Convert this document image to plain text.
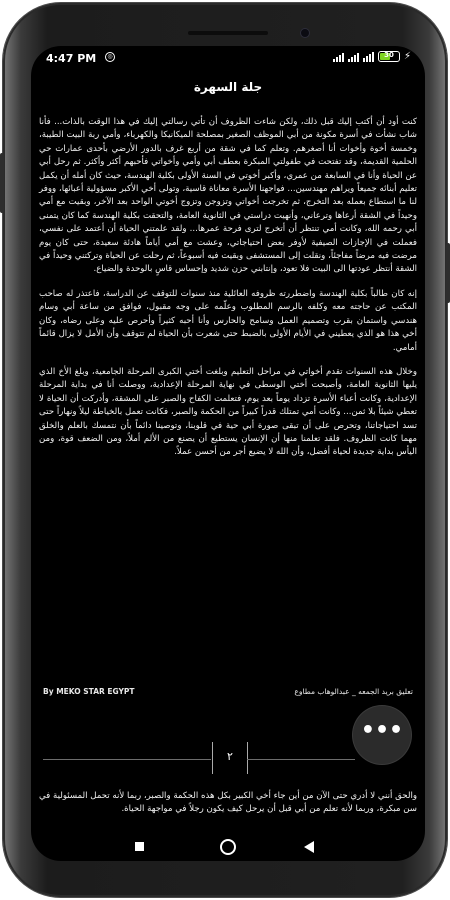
4:47 PM	◎	30	⚡
جلة السهرة

كنت أود أن أكتب إليك قبل ذلك، ولكن شاءت الظروف أن تأتي رسالتي إليك في هذا الوقت بالذات... فأنا شاب نشأت في أسرة مكونة من أبي الموظف الصغير بمصلحة الميكانيكا والكهرباء، وأمي ربة البيت الطيبة، وخمسة أخوة وأخوات أنا أصغرهم. وتعلم كما في شقة من أربع غرف بالدور الأرضي بأحدى عمارات حي الحلمية القديمة، وقد تفتحت في طفولتي المبكرة بعطف أبي وأمي وأخواتي فأحبهم أكثر وأكثر. ثم رحل أبي عن الحياة وأنا في السابعة من عمري، وأكبر أخوتي في السنة الأولى بكلية الهندسة، حيث كان أمله أن يكمل تعليم أبنائه جميعاً ويراهم مهندسين... فواجهنا الأسرة معاناة قاسية، وتولى أخي الأكبر مسؤولية أعبائها، ووفر لنا ما استطاع بعمله بعد التخرج، ثم تخرجت أخواتي وتزوجن وتزوج أخوتي الواحد بعد الآخر، وبقيت مع أمي وحيداً في الشقة أرعاها وترعاني، وأنهيت دراستي في الثانوية العامة، والتحقت بكلية الهندسة كما كان يتمنى أبي رحمه الله، وكانت أمي تنتظر أن أتخرج لترى فرحة عمرها... ولقد علمتني الحياة أن أعتمد على نفسي، فعملت في الإجازات الصيفية لأوفر بعض احتياجاتي، وعشت مع أمي أياماً هادئة سعيدة، حتى كان يوم مرضت فيه مرضاً مفاجئاً، ونقلت إلى المستشفى وبقيت فيه أسبوعاً، ثم رحلت عن الحياة وتركتني وحيداً في الشقة أنتظر عودتها الى البيت فلا تعود، وإنتابني حزن شديد وإحساس قاسٍ بالوحدة والضياع.

إنه كان طالباً بكلية الهندسة واضطررته ظروفه العائلية منذ سنوات للتوقف عن الدراسة، فاعتذر له صاحب المكتب عن حاجته معه وكلفه بالرسم المطلوب وعلّمه على وجه مقبول، فوافق من ساعة أبي وسام هندسي واستمان بقرب وتصميم العمل وسامح والحارس وأنا أحبه كثيراً وأحرص عليه وعلى رضاه، وكان أخي هذا هو الذي يعطيني في الأيام الأولى بالضبط حتى شعرت بأن الحياة لم تتوقف وأن الأمل لا يزال قائماً أمامي.

وخلال هذه السنوات تقدم أخواتي في مراحل التعليم وبلغت أختي الكبرى المرحلة الجامعية، وبلغ الأخ الذي يليها الثانوية العامة، وأصبحت أختي الوسطى في نهاية المرحلة الإعدادية، ووصلت أنا في بداية المرحلة الإعدادية، وكانت أعباء الأسرة تزداد يوماً بعد يوم، فتعلمت الكفاح والصبر على المشقة، وأدركت أن الحياة لا تعطي شيئاً بلا ثمن... وكانت أمي تمتلك قدراً كبيراً من الحكمة والصبر، فكانت تعمل بالخياطة ليلاً ونهاراً حتى تسد احتياجاتنا، وتحرص على أن تبقى صورة أبي حية في قلوبنا، وتوصينا دائماً بأن نتمسك بالعلم والخلق مهما كانت الظروف. فلقد تعلمنا منها أن الإنسان يستطيع أن يصنع من الألم أملاً، ومن الضعف قوة، ومن اليأس بداية جديدة لحياة أفضل، وأن الله لا يضيع أجر من أحسن عملاً.

By MEKO STAR EGYPT	تعليق بريد الجمعه _ عبدالوهاب مطاوع
٢
•••
والحق أنني لا أدري حتى الآن من أين جاء أخي الكبير بكل هذه الحكمة والصبر، ربما لأنه تحمل المسئولية في سن مبكرة، وربما لأنه تعلم من أبي قبل أن يرحل كيف يكون رجلاً في مواجهة الحياة.
